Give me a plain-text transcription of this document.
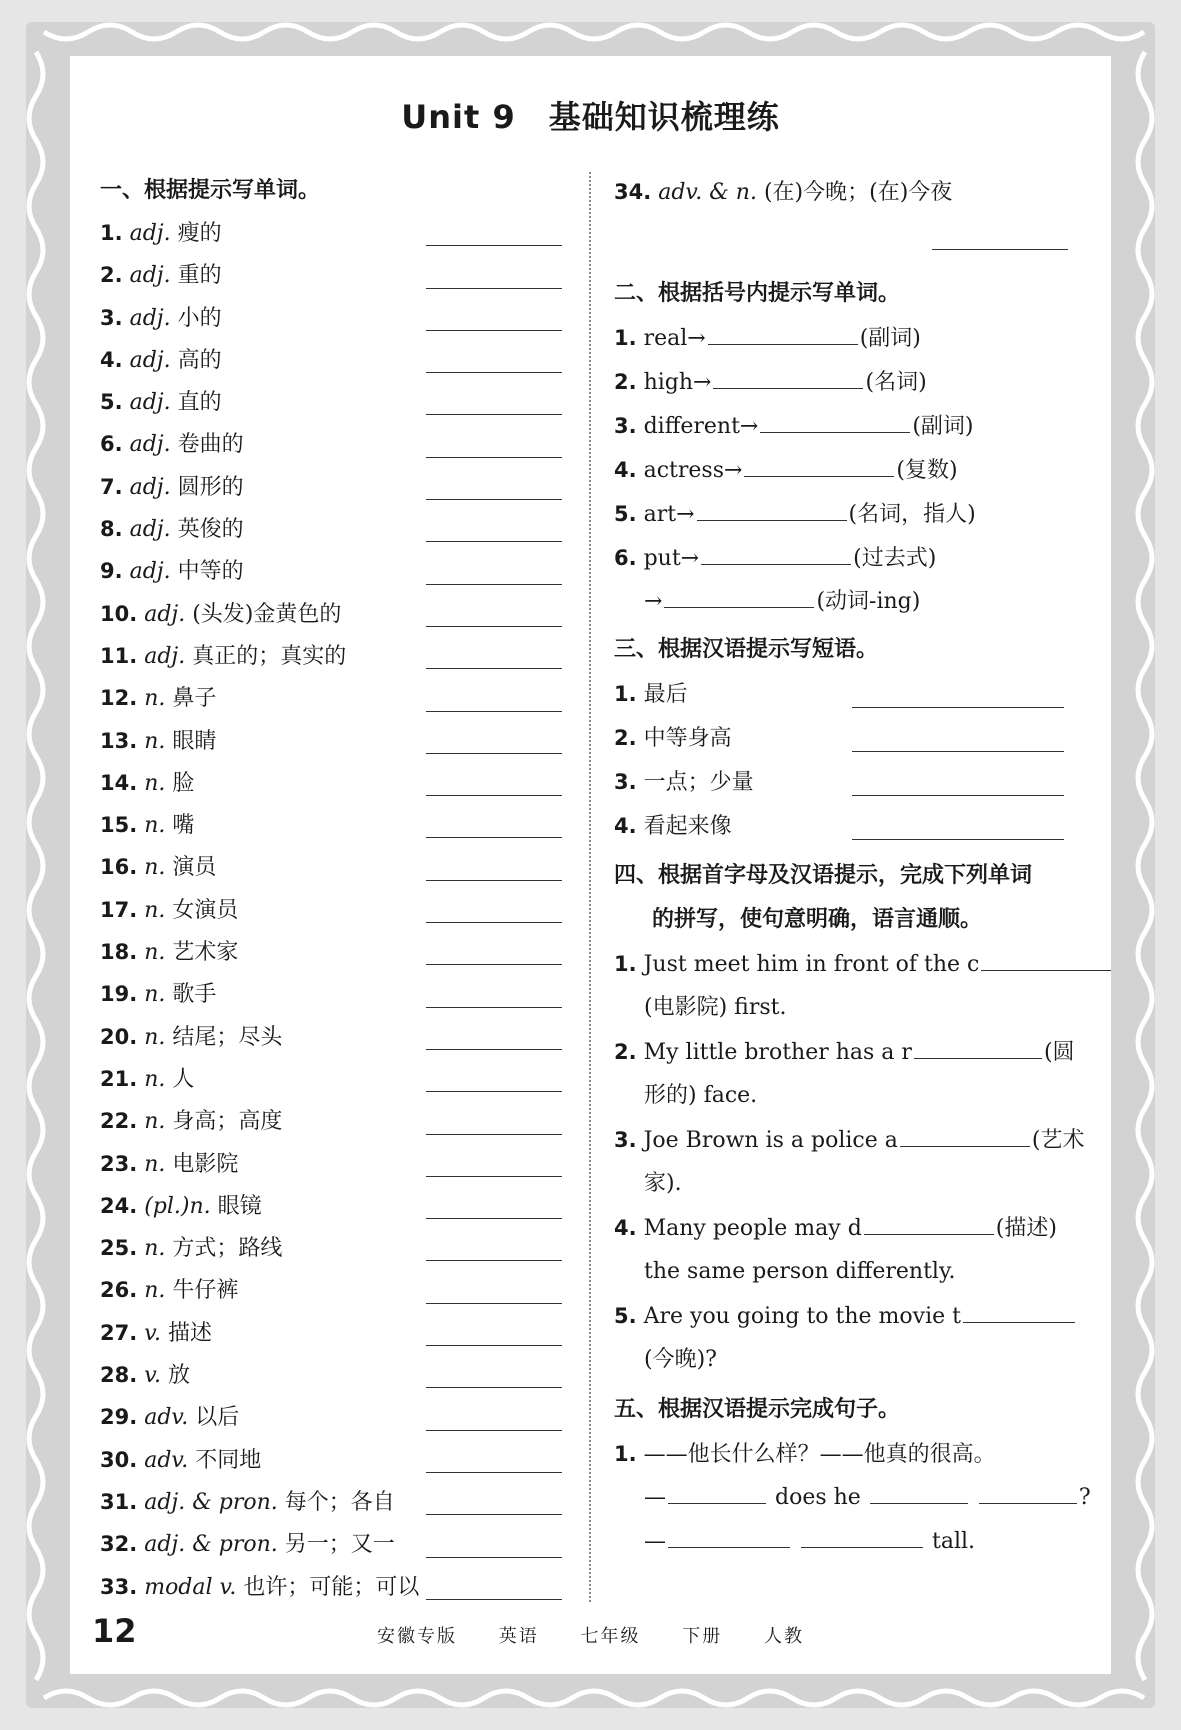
Unit 9　基础知识梳理练
一、根据提示写单词。
1. adj. 瘦的
2. adj. 重的
3. adj. 小的
4. adj. 高的
5. adj. 直的
6. adj. 卷曲的
7. adj. 圆形的
8. adj. 英俊的
9. adj. 中等的
10. adj. (头发)金黄色的
11. adj. 真正的；真实的
12. n. 鼻子
13. n. 眼睛
14. n. 脸
15. n. 嘴
16. n. 演员
17. n. 女演员
18. n. 艺术家
19. n. 歌手
20. n. 结尾；尽头
21. n. 人
22. n. 身高；高度
23. n. 电影院
24. (pl.)n. 眼镜
25. n. 方式；路线
26. n. 牛仔裤
27. v. 描述
28. v. 放
29. adv. 以后
30. adv. 不同地
31. adj. & pron. 每个；各自
32. adj. & pron. 另一；又一
33. modal v. 也许；可能；可以
34. adv. & n. (在)今晚；(在)今夜
二、根据括号内提示写单词。
1. real→	(副词)
2. high→	(名词)
3. different→	(副词)
4. actress→	(复数)
5. art→	(名词，指人)
6. put→	(过去式)
→	(动词-ing)
三、根据汉语提示写短语。
1. 最后
2. 中等身高
3. 一点；少量
4. 看起来像
四、根据首字母及汉语提示，完成下列单词
的拼写，使句意明确，语言通顺。
1. Just meet him in front of the c
(电影院) first.
2. My little brother has a r	(圆
形的) face.
3. Joe Brown is a police a	(艺术
家).
4. Many people may d	(描述)
the same person differently.
5. Are you going to the movie t
(今晚)?
五、根据汉语提示完成句子。
1. ——他长什么样？——他真的很高。
—	does he	?
—	tall.
12	安徽专版 英语 七年级 下册 人教
